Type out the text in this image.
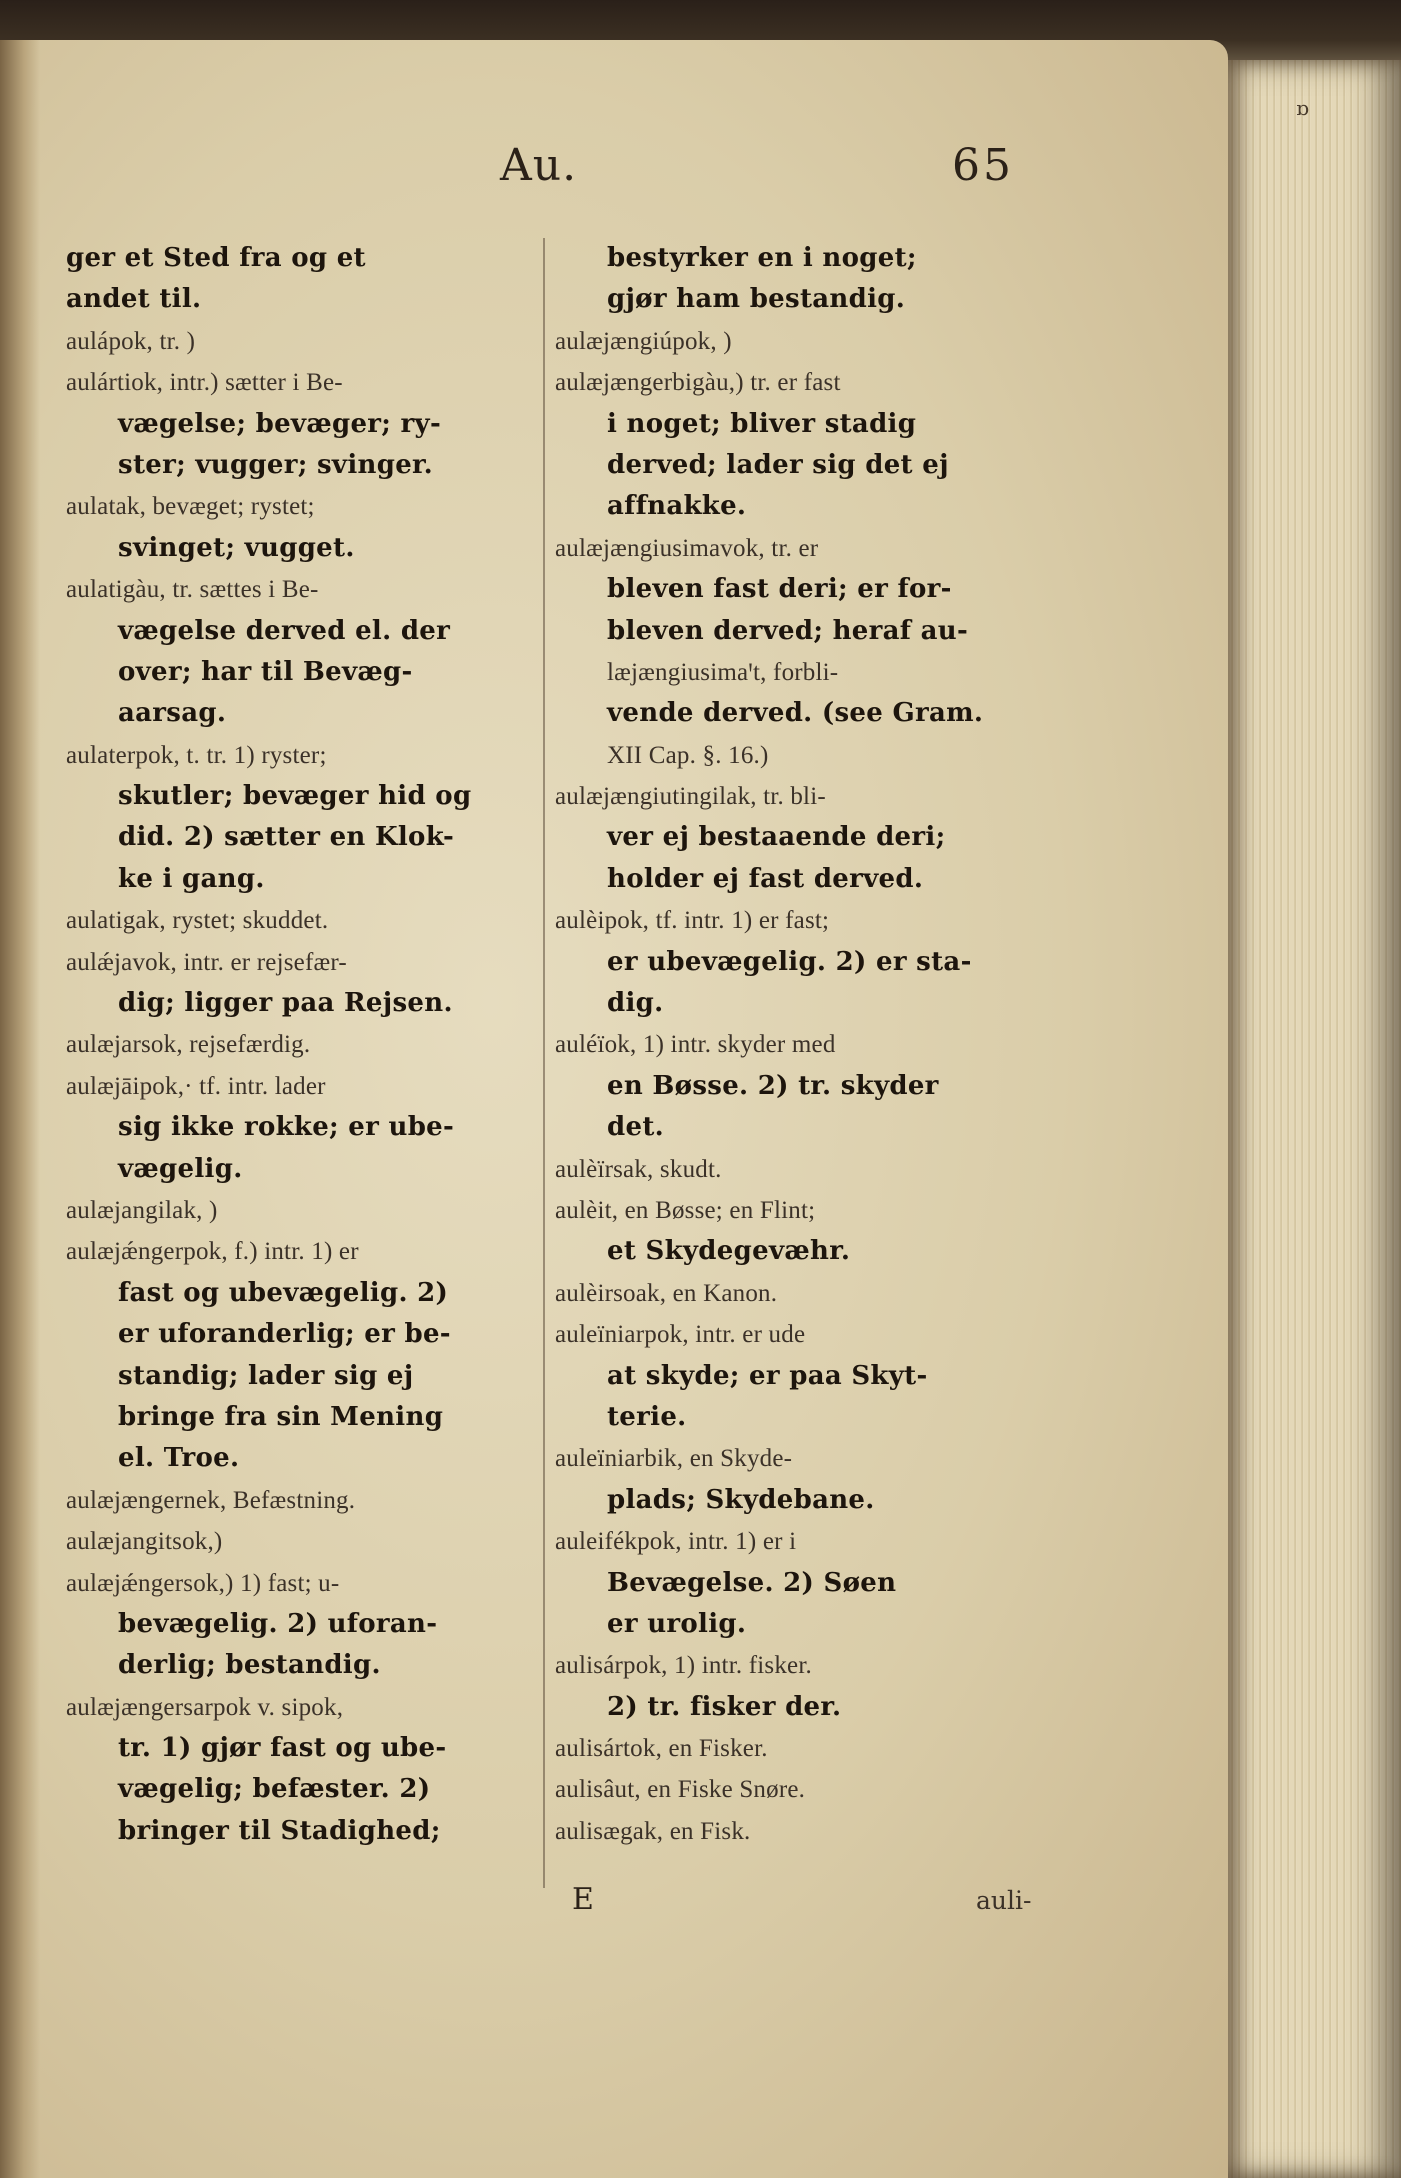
ɒ
Au.	65
ger et Sted fra og et
andet til.
aulápok, tr. )
aulártiok, intr.) sætter i Be-
vægelse; bevæger; ry-
ster; vugger; svinger.
aulatak, bevæget; rystet;
svinget; vugget.
aulatigàu, tr. sættes i Be-
vægelse derved el. der
over; har til Bevæg-
aarsag.
aulaterpok, t. tr. 1) ryster;
skutler; bevæger hid og
did. 2) sætter en Klok-
ke i gang.
aulatigak, rystet; skuddet.
aulǽjavok, intr. er rejsefær-
dig; ligger paa Rejsen.
aulæjarsok, rejsefærdig.
aulæjāipok,· tf. intr. lader
sig ikke rokke; er ube-
vægelig.
aulæjangilak, )
aulæjǽngerpok, f.) intr. 1) er
fast og ubevægelig. 2)
er uforanderlig; er be-
standig; lader sig ej
bringe fra sin Mening
el. Troe.
aulæjængernek, Befæstning.
aulæjangitsok,)
aulæjǽngersok,) 1) fast; u-
bevægelig. 2) uforan-
derlig; bestandig.
aulæjængersarpok v. sipok,
tr. 1) gjør fast og ube-
vægelig; befæster. 2)
bringer til Stadighed;
bestyrker en i noget;
gjør ham bestandig.
aulæjængiúpok, )
aulæjængerbigàu,) tr. er fast
i noget; bliver stadig
derved; lader sig det ej
affnakke.
aulæjængiusimavok, tr. er
bleven fast deri; er for-
bleven derved; heraf au-
læjængiusimaꞌt, forbli-
vende derved. (see Gram.
XII Cap. §. 16.)
aulæjængiutingilak, tr. bli-
ver ej bestaaende deri;
holder ej fast derved.
aulèipok, tf. intr. 1) er fast;
er ubevægelig. 2) er sta-
dig.
auléïok, 1) intr. skyder med
en Bøsse. 2) tr. skyder
det.
aulèïrsak, skudt.
aulèit, en Bøsse; en Flint;
et Skydegevæhr.
aulèirsoak, en Kanon.
auleïniarpok, intr. er ude
at skyde; er paa Skyt-
terie.
auleïniarbik, en Skyde-
plads; Skydebane.
auleifékpok, intr. 1) er i
Bevægelse. 2) Søen
er urolig.
aulisárpok, 1) intr. fisker.
2) tr. fisker der.
aulisártok, en Fisker.
aulisâut, en Fiske Snøre.
aulisægak, en Fisk.
E	auli-
